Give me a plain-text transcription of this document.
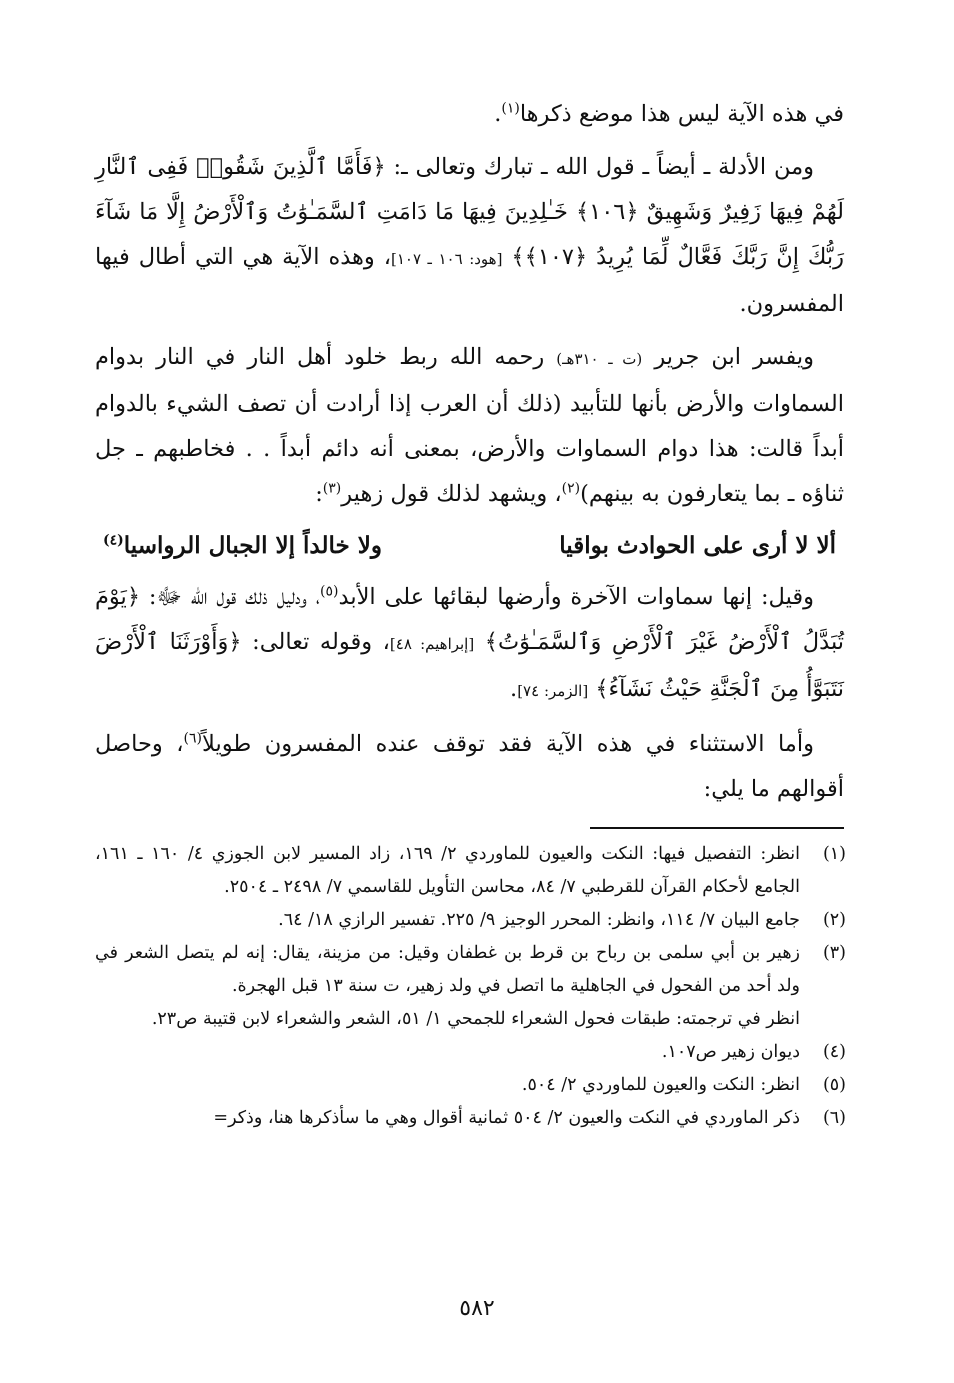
في هذه الآية ليس هذا موضع ذكرها$^{(١)}$.

ومن الأدلة ـ أيضاً ـ قول الله ـ تبارك وتعالى ـ: ﴿فَأَمَّا ٱلَّذِينَ شَقُوا۟ فَفِى ٱلنَّارِ لَهُمْ فِيهَا زَفِيرٌ وَشَهِيقٌ ﴿١٠٦﴾ خَـٰلِدِينَ فِيهَا مَا دَامَتِ ٱلسَّمَـٰوَٰتُ وَٱلْأَرْضُ إِلَّا مَا شَآءَ رَبُّكَ إِنَّ رَبَّكَ فَعَّالٌ لِّمَا يُرِيدُ ﴿١٠٧﴾﴾ [هود: ١٠٦ ـ ١٠٧]، وهذه الآية هي التي أطال فيها المفسرون.

ويفسر ابن جرير (ت ـ ٣١٠هـ) رحمه الله ربط خلود أهل النار في النار بدوام السماوات والأرض بأنها للتأبيد (ذلك أن العرب إذا أرادت أن تصف الشيء بالدوام أبداً قالت: هذا دوام السماوات والأرض، بمعنى أنه دائم أبداً . . فخاطبهم ـ جل ثناؤه ـ بما يتعارفون به بينهم)$^{(٢)}$، ويشهد لذلك قول زهير$^{(٣)}$:

ألا لا أرى على الحوادث بواقيا
ولا خالداً إلا الجبال الرواسيا$^{(٤)}$

وقيل: إنها سماوات الآخرة وأرضها لبقائها على الأبد$^{(٥)}$، ودليل ذلك قول الله ﷻ: ﴿يَوْمَ تُبَدَّلُ ٱلْأَرْضُ غَيْرَ ٱلْأَرْضِ وَٱلسَّمَـٰوَٰتُ﴾ [إبراهيم: ٤٨]، وقوله تعالى: ﴿وَأَوْرَثَنَا ٱلْأَرْضَ نَتَبَوَّأُ مِنَ ٱلْجَنَّةِ حَيْثُ نَشَآءُ﴾ [الزمر: ٧٤].

وأما الاستثناء في هذه الآية فقد توقف عنده المفسرون طويلاً$^{(٦)}$، وحاصل أقوالهم ما يلي:

(١)
انظر: التفصيل فيها: النكت والعيون للماوردي ٢/ ١٦٩، زاد المسير لابن الجوزي ٤/ ١٦٠ ـ ١٦١، الجامع لأحكام القرآن للقرطبي ٧/ ٨٤، محاسن التأويل للقاسمي ٧/ ٢٤٩٨ ـ ٢٥٠٤.
(٢)
جامع البيان ٧/ ١١٤، وانظر: المحرر الوجيز ٩/ ٢٢٥. تفسير الرازي ١٨/ ٦٤.
(٣)
زهير بن أبي سلمى بن رباح بن قرط بن غطفان وقيل: من مزينة، يقال: إنه لم يتصل الشعر في ولد أحد من الفحول في الجاهلية ما اتصل في ولد زهير، ت سنة ١٣ قبل الهجرة.
انظر في ترجمته: طبقات فحول الشعراء للجمحي ١/ ٥١، الشعر والشعراء لابن قتيبة ص٢٣.
(٤)
ديوان زهير ص١٠٧.
(٥)
انظر: النكت والعيون للماوردي ٢/ ٥٠٤.
(٦)
ذكر الماوردي في النكت والعيون ٢/ ٥٠٤ ثمانية أقوال وهي ما سأذكرها هنا، وذكر=
٥٨٢
